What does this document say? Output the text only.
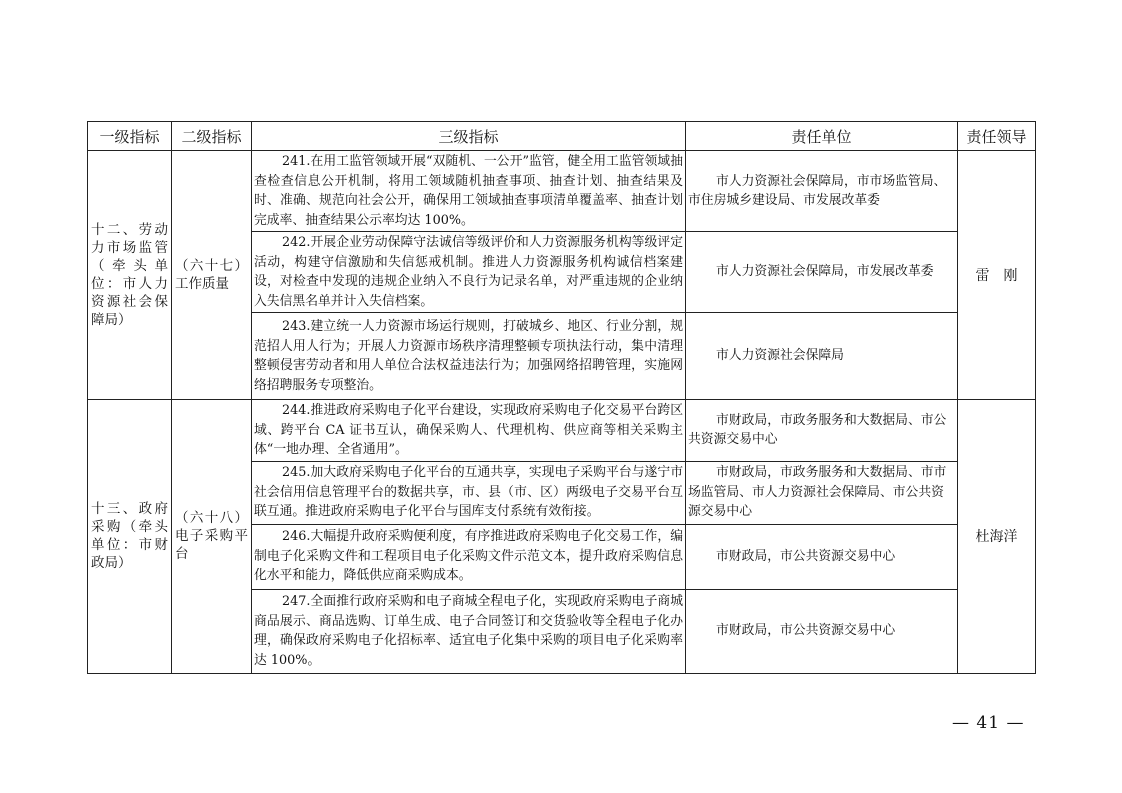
一级指标	二级指标	三级指标	责任单位	责任领导
十二、劳动力市场监管（牵头单位：市人力资源社会保障局）	（六十七）工作质量	241.在用工监管领域开展“双随机、一公开”监管，健全用工监管领域抽查检查信息公开机制，将用工领域随机抽查事项、抽查计划、抽查结果及时、准确、规范向社会公开，确保用工领域抽查事项清单覆盖率、抽查计划完成率、抽查结果公示率均达 100%。	市人力资源社会保障局，市市场监管局、市住房城乡建设局、市发展改革委	雷　刚

		242.开展企业劳动保障守法诚信等级评价和人力资源服务机构等级评定活动，构建守信激励和失信惩戒机制。推进人力资源服务机构诚信档案建设，对检查中发现的违规企业纳入不良行为记录名单，对严重违规的企业纳入失信黑名单并计入失信档案。	市人力资源社会保障局，市发展改革委	

		243.建立统一人力资源市场运行规则，打破城乡、地区、行业分割，规范招人用人行为；开展人力资源市场秩序清理整顿专项执法行动，集中清理整顿侵害劳动者和用人单位合法权益违法行为；加强网络招聘管理，实施网络招聘服务专项整治。	市人力资源社会保障局	

十三、政府采购（牵头单位：市财政局）	（六十八）电子采购平台	244.推进政府采购电子化平台建设，实现政府采购电子化交易平台跨区域、跨平台 CA 证书互认，确保采购人、代理机构、供应商等相关采购主体“一地办理、全省通用”。	市财政局，市政务服务和大数据局、市公共资源交易中心	杜海洋

		245.加大政府采购电子化平台的互通共享，实现电子采购平台与遂宁市社会信用信息管理平台的数据共享，市、县（市、区）两级电子交易平台互联互通。推进政府采购电子化平台与国库支付系统有效衔接。	市财政局，市政务服务和大数据局、市市场监管局、市人力资源社会保障局、市公共资源交易中心	

		246.大幅提升政府采购便利度，有序推进政府采购电子化交易工作，编制电子化采购文件和工程项目电子化采购文件示范文本，提升政府采购信息化水平和能力，降低供应商采购成本。	市财政局，市公共资源交易中心	

		247.全面推行政府采购和电子商城全程电子化，实现政府采购电子商城商品展示、商品选购、订单生成、电子合同签订和交货验收等全程电子化办理，确保政府采购电子化招标率、适宜电子化集中采购的项目电子化采购率达 100%。	市财政局，市公共资源交易中心	
— 41 —
